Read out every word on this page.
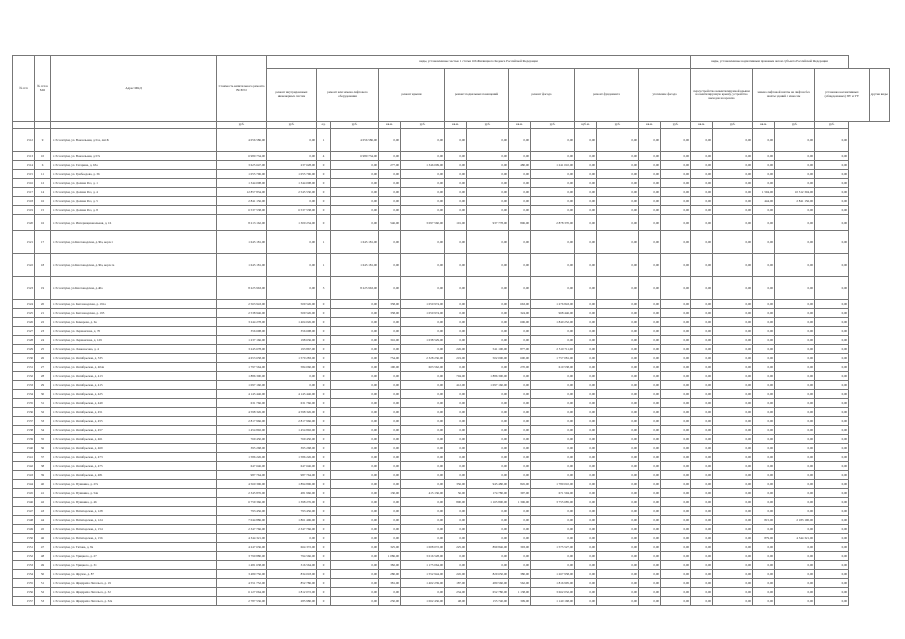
№ п/п	№ п/п в МО	Адрес МКД	Стоимость капитального ремонта ВСЕГО	виды, установленные частью 1 статьи 166 Жилищного Кодекса Российской Федерации													виды, установленные нормативным правовым актом субъекта Российской Федерации					
				ремонт внутридомовых инженерных систем	ремонт или замена лифтового оборудования		ремонт крыши		ремонт подвальных помещений		ремонт фасада		ремонт фундамента		утепление фасада		переустройство невентилируемой крыши на вентилируемую крышу, устройство выходов на кровлю		замена лифтовой шахты на лифтов без шахты зданий с износом		установка коллективных (общедомовых) ПУ и УУ	другие виды
			руб.	руб.	ед.	руб.	кв.м.	руб.	кв.м.	руб.	кв.м.	руб.	куб.м.	руб.	кв.м.	руб.	кв.м.	руб.	кв.м.	руб.	руб.	
1512	9	г. Ессентуки, ул. Вокзальная, д.51а, лит.Б	4 056 586,00	0,00	1	4 056 586,00	0,00	0,00	0,00	0,00	0,00	0,00	0,00	0,00	0,00	0,00	0,00	0,00	0,00	0,00	0,00	
1513	10	г. Ессентуки, ул. Вокзальная, д.57а	6 980 734,00	0,00	4	6 980 734,00	0,00	0,00	0,00	0,00	0,00	0,00	0,00	0,00	0,00	0,00	0,00	0,00	0,00	0,00	0,00	
1514	6	г. Ессентуки, ул. Гагарина, д. 63а	3 625 647,00	237 628,00	0	0,00	277,00	1 346 009,00	0,00	0,00	480,00	1 241 010,00	0,00	0,00	0,00	0,00	0,00	0,00	0,00	0,00	0,00	
1515	11	г. Ессентуки, ул. Грибоедова, д. 36	1 055 796,00	1 055 796,00	0	0,00	0,00	0,00	0,00	0,00	0,00	0,00	0,00	0,00	0,00	0,00	0,00	0,00	0,00	0,00	0,00	
1516	12	г. Ессентуки, ул. Долина Роз, д. 1	1 344 008,00	1 344 008,00	0	0,00	0,00	0,00	0,00	0,00	0,00	0,00	0,00	0,00	0,00	0,00	0,00	0,00	0,00	0,00	0,00	
1517	14	г. Ессентуки, ул. Долина Роз, д. 4	12 857 834,00	2 545 530,00	0	0,00	0,00	0,00	0,00	0,00	0,00	0,00	0,00	0,00	0,00	0,00	0,00	0,00	1 594,00	10 312 304,00	0,00	
1518	16	г. Ессентуки, ул. Долина Роз, д. 5	2 841 156,00	0,00	0	0,00	0,00	0,00	0,00	0,00	0,00	0,00	0,00	0,00	0,00	0,00	0,00	0,00	444,00	2 841 156,00	0,00	
1519	15	г. Ессентуки, ул. Долина Роз, д. 8	6 537 538,00	6 537 538,00	0	0,00	0,00	0,00	0,00	0,00	0,00	0,00	0,00	0,00	0,00	0,00	0,00	0,00	0,00	0,00	0,00	
1520	16	г. Ессентуки, ул. Интернациональная, д. 16	8 213 162,00	1 300 234,00	0	0,00	546,00	3 097 560,00	101,00	937 778,00	806,00	2 878 370,00	0,00	0,00	0,00	0,00	0,00	0,00	0,00	0,00	0,00	
1521	17	г. Ессентуки, ул.Кисловодская, д.30а, корп.1	1 645 181,00	0,00	1	1 645 181,00	0,00	0,00	0,00	0,00	0,00	0,00	0,00	0,00	0,00	0,00	0,00	0,00	0,00	0,00	0,00	
1522	18	г. Ессентуки, ул.Кисловодская, д.30а, корп.1а	1 645 181,00	0,00	1	1 645 181,00	0,00	0,00	0,00	0,00	0,00	0,00	0,00	0,00	0,00	0,00	0,00	0,00	0,00	0,00	0,00	
1523	19	г. Ессентуки, ул.Кисловодская, д.40а	8 225 963,00	0,00	3	8 225 963,00	0,00	0,00	0,00	0,00	0,00	0,00	0,00	0,00	0,00	0,00	0,00	0,00	0,00	0,00	0,00	
1524	20	г. Ессентуки, ул. Кисловодская, д. 191а	2 563 943,00	509 526,00	0	0,00	358,00	1 050 974,00	0,00	0,00	663,00	1 276 843,00	0,00	0,00	0,00	0,00	0,00	0,00	0,00	0,00	0,00	
1525	21	г. Ессентуки, ул. Кисловодская, д. 195	2 538 946,00	509 526,00	0	0,00	358,00	1 050 974,00	0,00	0,00	324,00	968 446,00	0,00	0,00	0,00	0,00	0,00	0,00	0,00	0,00	0,00	
1526	22	г. Ессентуки, ул. Комарова, д. 6а	3 244 278,00	1 404 026,00	0	0,00	0,00	0,00	0,00	0,00	606,00	1 840 252,00	0,00	0,00	0,00	0,00	0,00	0,00	0,00	0,00	0,00	
1527	23	г. Ессентуки, ул. Лермонтова, д. 70	356 698,00	356 698,00	0	0,00	0,00	0,00	0,00	0,00	0,00	0,00	0,00	0,00	0,00	0,00	0,00	0,00	0,00	0,00	0,00	
1528	24	г. Ессентуки, ул. Лермонтова, д. 129	1 237 166,00	198 636,00	0	0,00	316,00	1 038 529,00	0,00	0,00	0,00	0,00	0,00	0,00	0,00	0,00	0,00	0,00	0,00	0,00	0,00	
1529	25	г. Ессентуки, ул. Ломоносова, д. 4	3 245 678,00	193 867,00	0	0,00	0,00	0,00	226,00	541 100,00	877,00	2 510 711,00	0,00	0,00	0,00	0,00	0,00	0,00	0,00	0,00	0,00	
1530	26	г. Ессентуки, ул. Октябрьская, д. 335	4 653 658,00	1 570 283,00	0	0,00	754,00	2 328 236,00	219,00	502 000,00	600,00	1 757 081,00	0,00	0,00	0,00	0,00	0,00	0,00	0,00	0,00	0,00	
1531	27	г. Ессентуки, ул. Октябрьская, д. 404а	1 797 564,00	584 060,00	0	0,00	190,00	603 562,00	0,00	0,00	270,00	610 538,00	0,00	0,00	0,00	0,00	0,00	0,00	0,00	0,00	0,00	
1532	28	г. Ессентуки, ул. Октябрьская, д. 413	1 886 300,00	0,00	0	0,00	0,00	0,00	704,00	1 886 300,00	0,00	0,00	0,00	0,00	0,00	0,00	0,00	0,00	0,00	0,00	0,00	
1533	29	г. Ессентуки, ул. Октябрьская, д. 415	1 097 160,00	0,00	0	0,00	0,00	0,00	412,00	1 097 160,00	0,00	0,00	0,00	0,00	0,00	0,00	0,00	0,00	0,00	0,00	0,00	
1534	30	г. Ессентуки, ул. Октябрьская, д. 425	4 145 446,00	4 145 446,00	0	0,00	0,00	0,00	0,00	0,00	0,00	0,00	0,00	0,00	0,00	0,00	0,00	0,00	0,00	0,00	0,00	
1535	31	г. Ессентуки, ул. Октябрьская, д. 449	631 766,00	631 766,00	0	0,00	0,00	0,00	0,00	0,00	0,00	0,00	0,00	0,00	0,00	0,00	0,00	0,00	0,00	0,00	0,00	
1536	32	г. Ессентуки, ул. Октябрьская, д. 451	4 598 326,00	4 598 326,00	0	0,00	0,00	0,00	0,00	0,00	0,00	0,00	0,00	0,00	0,00	0,00	0,00	0,00	0,00	0,00	0,00	
1537	33	г. Ессентуки, ул. Октябрьская, д. 455	2 817 966,00	2 817 966,00	0	0,00	0,00	0,00	0,00	0,00	0,00	0,00	0,00	0,00	0,00	0,00	0,00	0,00	0,00	0,00	0,00	
1538	34	г. Ессентуки, ул. Октябрьская, д. 457	1 454 892,00	1 454 892,00	0	0,00	0,00	0,00	0,00	0,00	0,00	0,00	0,00	0,00	0,00	0,00	0,00	0,00	0,00	0,00	0,00	
1539	35	г. Ессентуки, ул. Октябрьская, д. 461	769 450,00	769 450,00	0	0,00	0,00	0,00	0,00	0,00	0,00	0,00	0,00	0,00	0,00	0,00	0,00	0,00	0,00	0,00	0,00	
1540	36	г. Ессентуки, ул. Октябрьская, д. 469	395 268,00	395 268,00	0	0,00	0,00	0,00	0,00	0,00	0,00	0,00	0,00	0,00	0,00	0,00	0,00	0,00	0,00	0,00	0,00	
1541	37	г. Ессентуки, ул. Октябрьская, д. 473	1 586 226,00	1 586 226,00	0	0,00	0,00	0,00	0,00	0,00	0,00	0,00	0,00	0,00	0,00	0,00	0,00	0,00	0,00	0,00	0,00	
1542	38	г. Ессентуки, ул. Октябрьская, д. 475	647 646,00	647 646,00	0	0,00	0,00	0,00	0,00	0,00	0,00	0,00	0,00	0,00	0,00	0,00	0,00	0,00	0,00	0,00	0,00	
1543	39	г. Ессентуки, ул. Октябрьская, д. 481	987 764,00	987 764,00	0	0,00	0,00	0,00	0,00	0,00	0,00	0,00	0,00	0,00	0,00	0,00	0,00	0,00	0,00	0,00	0,00	
1544	40	г. Ессентуки, ул. Пушкина, д. 27а	4 560 396,00	1 894 896,00	0	0,00	0,00	0,00	356,00	945 480,00	845,00	1 780 010,00	0,00	0,00	0,00	0,00	0,00	0,00	0,00	0,00	0,00	
1545	41	г. Ессентуки, ул. Пушкина, д. 54а	2 345 876,00	481 966,00	0	0,00	130,00	415 136,00	56,00	174 780,00	397,00	671 594,00	0,00	0,00	0,00	0,00	0,00	0,00	0,00	0,00	0,00	
1546	42	г. Ессентуки, ул. Пушкина, д. 46	6 759 366,00	1 398 276,00	0	0,00	0,00	0,00	800,00	1 165 800,00	1 306,00	3 755 685,00	0,00	0,00	0,00	0,00	0,00	0,00	0,00	0,00	0,00	
1547	43	г. Ессентуки, ул. Пятигорская, д. 128	793 456,00	793 456,00	0	0,00	0,00	0,00	0,00	0,00	0,00	0,00	0,00	0,00	0,00	0,00	0,00	0,00	0,00	0,00	0,00	
1548	44	г. Ессентуки, ул. Пятигорская, д. 124	7 044 886,00	1 861 496,00	0	0,00	0,00	0,00	0,00	0,00	0,00	0,00	0,00	0,00	0,00	0,00	0,00	0,00	815,00	2 183 190,00	0,00	
1549	45	г. Ессентуки, ул. Пятигорская, д. 154	2 347 766,00	2 347 766,00	0	0,00	0,00	0,00	0,00	0,00	0,00	0,00	0,00	0,00	0,00	0,00	0,00	0,00	0,00	0,00	0,00	
1550	46	г. Ессентуки, ул. Пятигорская, д. 156	4 344 321,00	0,00	0	0,00	0,00	0,00	0,00	0,00	0,00	0,00	0,00	0,00	0,00	0,00	0,00	0,00	879,00	4 344 321,00	0,00	
1551	47	г. Ессентуки, ул. Титова, д. 8а	4 247 636,00	664 372,00	0	0,00	325,00	1 008 072,00	225,00	899 846,00	393,00	1 575 527,00	0,00	0,00	0,00	0,00	0,00	0,00	0,00	0,00	0,00	
1552	48	г. Ессентуки, ул. Урицкого, д. 27	3 790 880,00	794 566,00	0	0,00	1 086,00	3 016 528,00	0,00	0,00	0,00	0,00	0,00	0,00	0,00	0,00	0,00	0,00	0,00	0,00	0,00	
1553	49	г. Ессентуки, ул. Урицкого, д. 31	1 481 638,00	316 564,00	0	0,00	382,00	1 175 064,00	0,00	0,00	0,00	0,00	0,00	0,00	0,00	0,00	0,00	0,00	0,00	0,00	0,00	
1554	50	г. Ессентуки, ул. Фрунзе, д. 87	3 480 756,00	834 018,00	0	0,00	280,00	1 552 944,00	245,00	829 650,00	380,00	1 267 958,00	0,00	0,00	0,00	0,00	0,00	0,00	0,00	0,00	0,00	
1555	51	г. Ессентуки, ул. Фридриха Энгельса, д. 19	4 551 752,00	852 786,00	0	0,00	381,00	1 402 239,00	187,00	480 560,00	562,00	1 816 995,00	0,00	0,00	0,00	0,00	0,00	0,00	0,00	0,00	0,00	
1556	52	г. Ессентуки, ул. Фридриха Энгельса, д. 32	6 127 064,00	1 812 072,00	0	0,00	0,00	0,00	234,00	652 780,00	1 138,00	3 662 032,00	0,00	0,00	0,00	0,00	0,00	0,00	0,00	0,00	0,00	
1557	53	г. Ессентуки, ул. Фридриха Энгельса, д. 32а	2 787 536,00	285 980,00	0	0,00	250,00	1 062 436,00	48,00	155 740,00	309,00	1 140 168,00	0,00	0,00	0,00	0,00	0,00	0,00	0,00	0,00	0,00	
